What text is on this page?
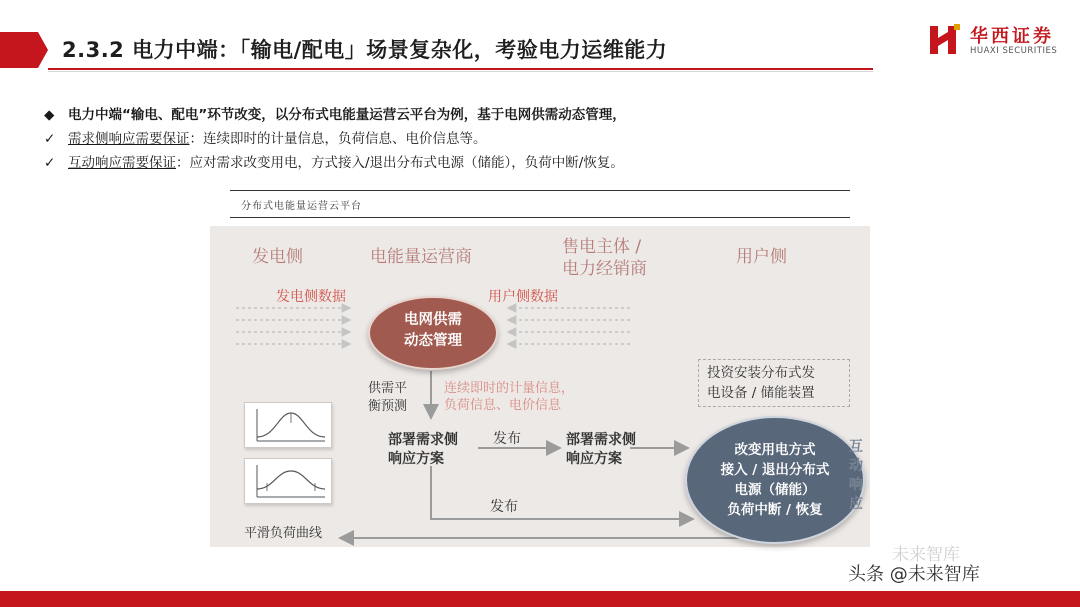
2.3.2 电力中端：「输电/配电」场景复杂化，考验电力运维能力
华西证券
HUAXI SECURITIES
◆ 电力中端“输电、配电”环节改变，以分布式电能量运营云平台为例，基于电网供需动态管理，
✓ 需求侧响应需要保证：连续即时的计量信息，负荷信息、电价信息等。
✓ 互动响应需要保证：应对需求改变用电，方式接入/退出分布式电源（储能），负荷中断/恢复。
分布式电能量运营云平台
发电侧	电能量运营商	售电主体 /
电力经销商
用户侧
发电侧数据	用户侧数据
电网供需
动态管理
供需平
衡预测
连续即时的计量信息，
负荷信息、电价信息
部署需求侧
响应方案
发布	部署需求侧
响应方案
投资安装分布式发
电设备 / 储能装置
改变用电方式
接入 / 退出分布式
电源（储能）
负荷中断 / 恢复
互动响应
发布
平滑负荷曲线
未来智库
头条 @未来智库
